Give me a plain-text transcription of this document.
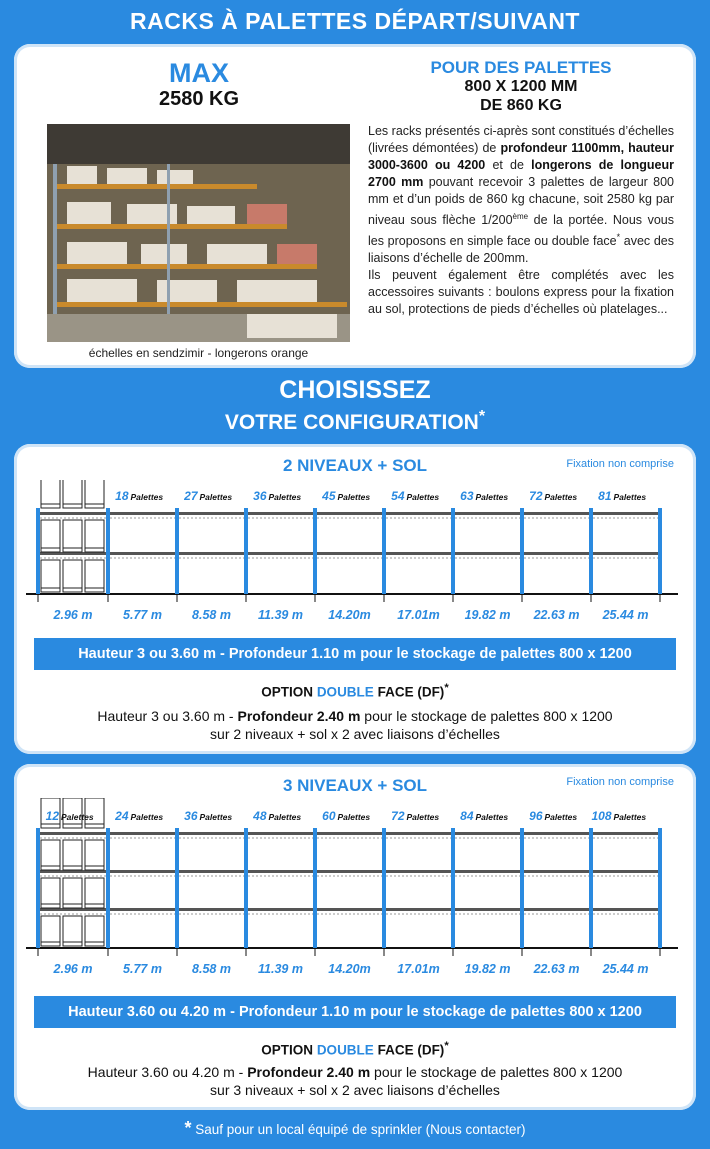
RACKS À PALETTES DÉPART/SUIVANT
MAX
2580 KG
POUR DES PALETTES
800 X 1200 MM
DE 860 KG
échelles en sendzimir - longerons orange
Les racks présentés ci-après sont constitués d’échelles (livrées démontées) de profondeur 1100mm, hauteur 3000-3600 ou 4200 et de longerons de longueur 2700 mm pouvant recevoir 3 palettes de largeur 800 mm et d’un poids de 860 kg chacune, soit 2580 kg par niveau sous flèche 1/200ème de la portée. Nous vous les proposons en simple face ou double face* avec des liaisons d’échelle de 200mm.
Ils peuvent également être complétés avec les accessoires suivants : boulons express pour la fixation au sol, protections de pieds d’échelles où platelages...
CHOISISSEZ
VOTRE CONFIGURATION*
2 NIVEAUX + SOL	Fixation non comprise
18 Palettes 27 Palettes 36 Palettes 45 Palettes 54 Palettes 63 Palettes 72 Palettes 81 Palettes
2.96 m 5.77 m 8.58 m 11.39 m 14.20m 17.01m 19.82 m 22.63 m 25.44 m
Hauteur 3 ou 3.60 m - Profondeur 1.10 m pour le stockage de palettes 800 x 1200
OPTION DOUBLE FACE (DF)*
Hauteur 3 ou 3.60 m - Profondeur 2.40 m pour le stockage de palettes 800 x 1200
sur 2 niveaux + sol x 2 avec liaisons d’échelles
3 NIVEAUX + SOL	Fixation non comprise
12 Palettes 24 Palettes 36 Palettes 48 Palettes 60 Palettes 72 Palettes 84 Palettes 96 Palettes 108 Palettes
2.96 m 5.77 m 8.58 m 11.39 m 14.20m 17.01m 19.82 m 22.63 m 25.44 m
Hauteur 3.60 ou 4.20 m - Profondeur 1.10 m pour le stockage de palettes 800 x 1200
OPTION DOUBLE FACE (DF)*
Hauteur 3.60 ou 4.20 m - Profondeur 2.40 m pour le stockage de palettes 800 x 1200
sur 3 niveaux + sol x 2 avec liaisons d’échelles
* Sauf pour un local équipé de sprinkler (Nous contacter)
